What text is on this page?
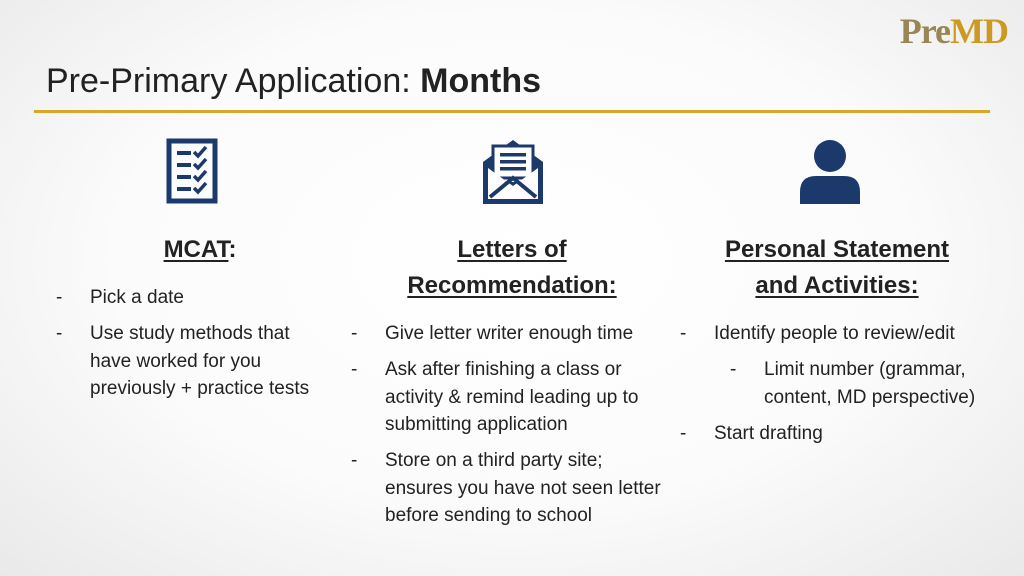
PreMD
Pre-Primary Application: Months
MCAT:
- Pick a date
- Use study methods that have worked for you previously + practice tests
Letters of
Recommendation:
- Give letter writer enough time
- Ask after finishing a class or activity & remind leading up to submitting application
- Store on a third party site; ensures you have not seen letter before sending to school
Personal Statement
and Activities:
- Identify people to review/edit
- Limit number (grammar, content, MD perspective)
- Start drafting
